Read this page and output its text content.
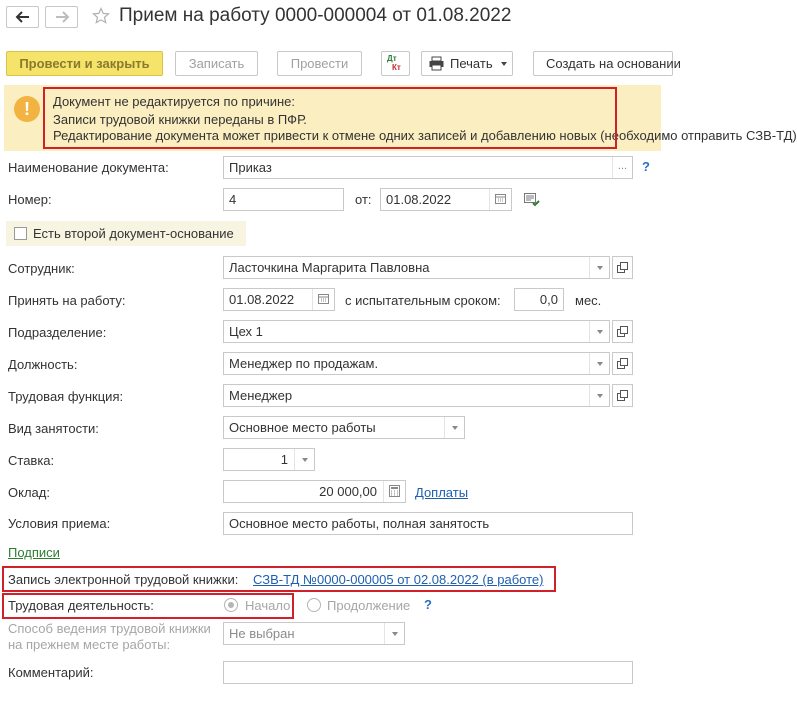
Прием на работу 0000-000004 от 01.08.2022
Провести и закрыть	Записать	Провести	Дт
Кт	Печать	Создать на основании
!	Документ не редактируется по причине:
Записи трудовой книжки переданы в ПФР.
Редактирование документа может привести к отмене одних записей и добавлению новых (необходимо отправить СЗВ-ТД)
Наименование документа:	Приказ	...	?
Номер:	4	от:	01.08.2022
Есть второй документ-основание
Сотрудник:	Ласточкина Маргарита Павловна
Принять на работу:	01.08.2022	с испытательным сроком:	0,0	мес.
Подразделение:	Цех 1
Должность:	Менеджер по продажам.
Трудовая функция:	Менеджер
Вид занятости:	Основное место работы
Ставка:	1
Оклад:	20 000,00	Доплаты
Условия приема:	Основное место работы, полная занятость
Подписи
Запись электронной трудовой книжки: СЗВ-ТД №0000-000005 от 02.08.2022 (в работе)
Трудовая деятельность:	Начало	Продолжение ?
Способ ведения трудовой книжки
на прежнем месте работы:
Не выбран
Комментарий:
